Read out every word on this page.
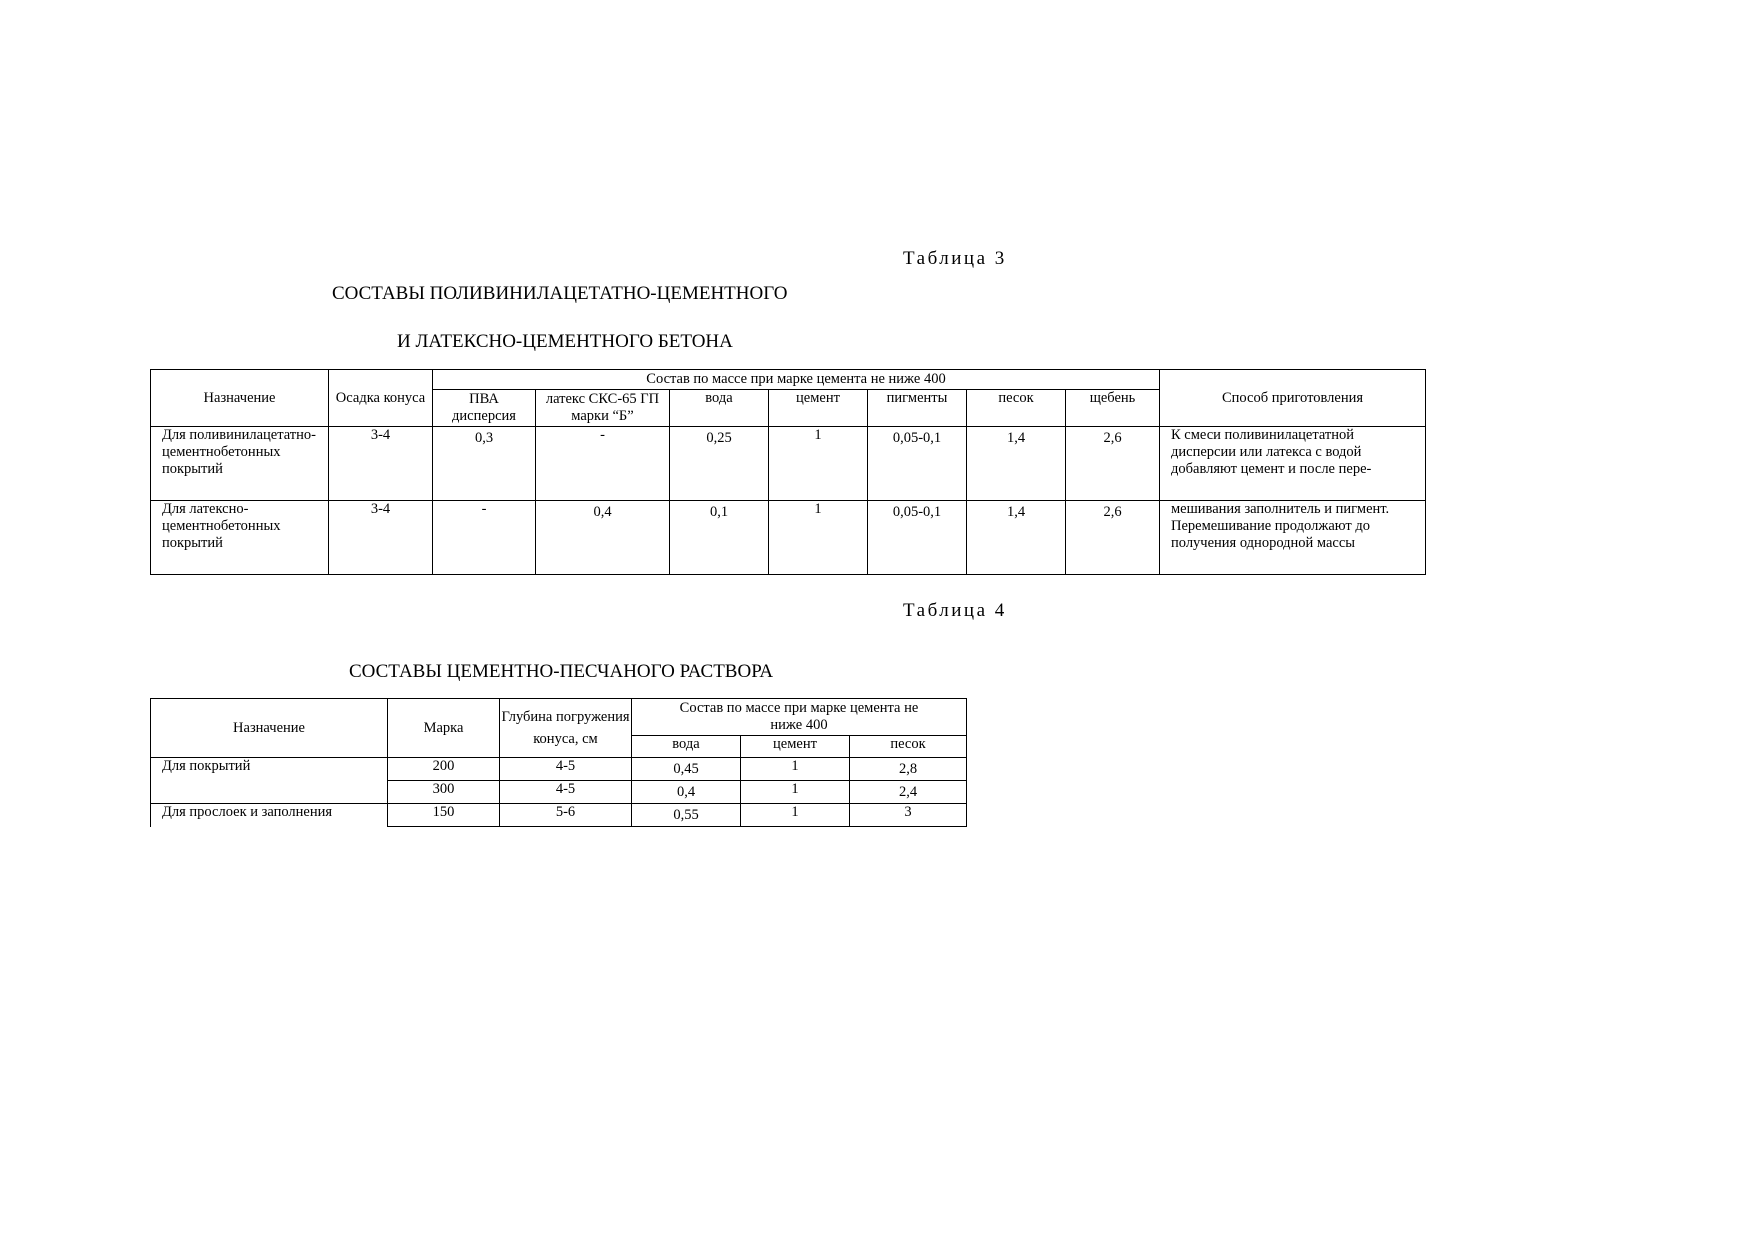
Таблица 3
СОСТАВЫ ПОЛИВИНИЛАЦЕТАТНО-ЦЕМЕНТНОГО
И ЛАТЕКСНО-ЦЕМЕНТНОГО БЕТОНА
Назначение	Осадка конуса	Состав по массе при марке цемента не ниже 400							Способ приготовления
		ПВА дисперсия	латекс СКС-65 ГП марки “Б”	вода	цемент	пигменты	песок	щебень	
Для поливинилацетатно-цементнобетонных покрытий	3-4	0,3	-	0,25	1	0,05-0,1	1,4	2,6	К смеси поливинилацетатной дисперсии или латекса с водой добавляют цемент и после пере-
Для латексно-цементнобетонных покрытий	3-4	-	0,4	0,1	1	0,05-0,1	1,4	2,6	мешивания заполнитель и пигмент. Перемешивание продолжают до получения однородной массы
Таблица 4
СОСТАВЫ ЦЕМЕНТНО-ПЕСЧАНОГО РАСТВОРА
Назначение	Марка	Глубина погружения
конуса, см	Состав по массе при марке цемента не ниже 400		
			вода	цемент	песок
Для покрытий	200	4-5	0,45	1	2,8
	300	4-5	0,4	1	2,4
Для прослоек и заполнения	150	5-6	0,55	1	3
